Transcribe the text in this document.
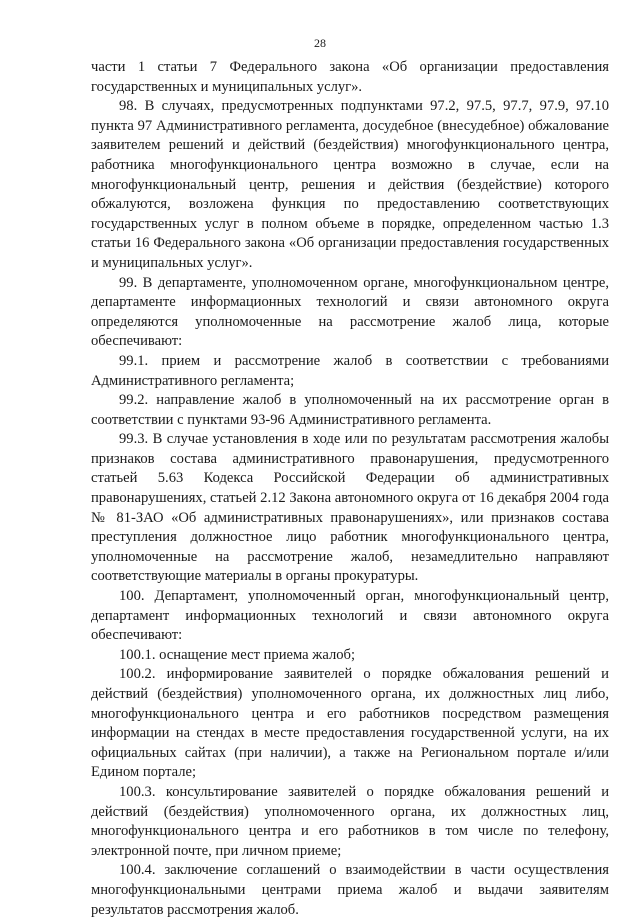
28

части 1 статьи 7 Федерального закона «Об организации предоставления государственных и муниципальных услуг».

98. В случаях, предусмотренных подпунктами 97.2, 97.5, 97.7, 97.9, 97.10 пункта 97 Административного регламента, досудебное (внесудебное) обжалование заявителем решений и действий (бездействия) многофункционального центра, работника многофункционального центра возможно в случае, если на многофункциональный центр, решения и действия (бездействие) которого обжалуются, возложена функция по предоставлению соответствующих государственных услуг в полном объеме в порядке, определенном частью 1.3 статьи 16 Федерального закона «Об организации предоставления государственных и муниципальных услуг».

99. В департаменте, уполномоченном органе, многофункциональном центре, департаменте информационных технологий и связи автономного округа определяются уполномоченные на рассмотрение жалоб лица, которые обеспечивают:

99.1. прием и рассмотрение жалоб в соответствии с требованиями Административного регламента;

99.2. направление жалоб в уполномоченный на их рассмотрение орган в соответствии с пунктами 93-96 Административного регламента.

99.3. В случае установления в ходе или по результатам рассмотрения жалобы признаков состава административного правонарушения, предусмотренного статьей 5.63 Кодекса Российской Федерации об административных правонарушениях, статьей 2.12 Закона автономного округа от 16 декабря 2004 года № 81-ЗАО «Об административных правонарушениях», или признаков состава преступления должностное лицо работник многофункционального центра, уполномоченные на рассмотрение жалоб, незамедлительно направляют соответствующие материалы в органы прокуратуры.

100. Департамент, уполномоченный орган, многофункциональный центр, департамент информационных технологий и связи автономного округа обеспечивают:

100.1. оснащение мест приема жалоб;

100.2. информирование заявителей о порядке обжалования решений и действий (бездействия) уполномоченного органа, их должностных лиц либо, многофункционального центра и его работников посредством размещения информации на стендах в месте предоставления государственной услуги, на их официальных сайтах (при наличии), а также на Региональном портале и/или Едином портале;

100.3. консультирование заявителей о порядке обжалования решений и действий (бездействия) уполномоченного органа, их должностных лиц, многофункционального центра и его работников в том числе по телефону, электронной почте, при личном приеме;

100.4. заключение соглашений о взаимодействии в части осуществления многофункциональными центрами приема жалоб и выдачи заявителям результатов рассмотрения жалоб.
